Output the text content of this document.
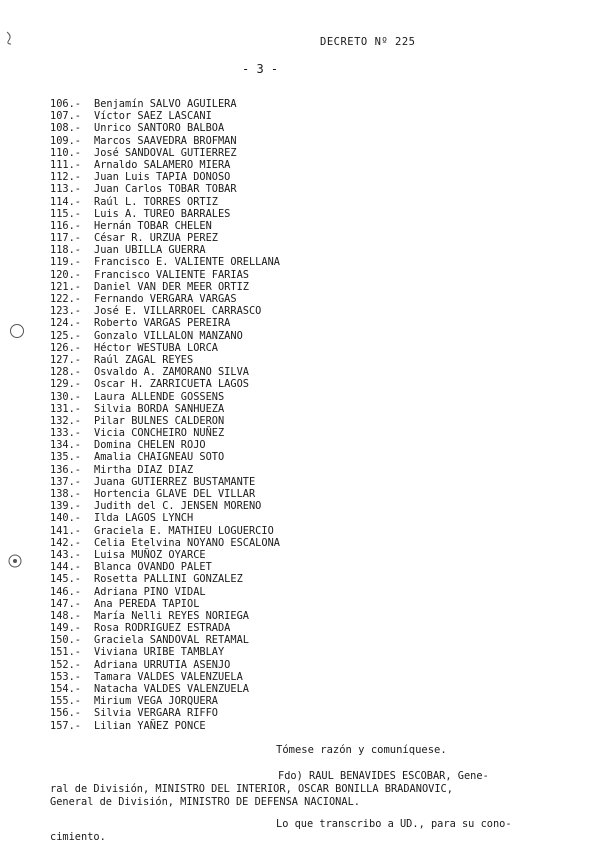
DECRETO Nº 225
- 3 -
106.- Benjamín SALVO AGUILERA
107.- Víctor SAEZ LASCANI
108.- Unrico SANTORO BALBOA
109.- Marcos SAAVEDRA BROFMAN
110.- José SANDOVAL GUTIERREZ
111.- Arnaldo SALAMERO MIERA
112.- Juan Luis TAPIA DONOSO
113.- Juan Carlos TOBAR TOBAR
114.- Raúl L. TORRES ORTIZ
115.- Luis A. TUREO BARRALES
116.- Hernán TOBAR CHELEN
117.- César R. URZUA PEREZ
118.- Juan UBILLA GUERRA
119.- Francisco E. VALIENTE ORELLANA
120.- Francisco VALIENTE FARIAS
121.- Daniel VAN DER MEER ORTIZ
122.- Fernando VERGARA VARGAS
123.- José E. VILLARROEL CARRASCO
124.- Roberto VARGAS PEREIRA
125.- Gonzalo VILLALON MANZANO
126.- Héctor WESTUBA LORCA
127.- Raúl ZAGAL REYES
128.- Osvaldo A. ZAMORANO SILVA
129.- Oscar H. ZARRICUETA LAGOS
130.- Laura ALLENDE GOSSENS
131.- Silvia BORDA SANHUEZA
132.- Pilar BULNES CALDERON
133.- Vicia CONCHEIRO NUÑEZ
134.- Domina CHELEN ROJO
135.- Amalia CHAIGNEAU SOTO
136.- Mirtha DIAZ DIAZ
137.- Juana GUTIERREZ BUSTAMANTE
138.- Hortencia GLAVE DEL VILLAR
139.- Judith del C. JENSEN MORENO
140.- Ilda LAGOS LYNCH
141.- Graciela E. MATHIEU LOGUERCIO
142.- Celia Etelvina NOYANO ESCALONA
143.- Luisa MUÑOZ OYARCE
144.- Blanca OVANDO PALET
145.- Rosetta PALLINI GONZALEZ
146.- Adriana PINO VIDAL
147.- Ana PEREDA TAPIOL
148.- María Nelli REYES NORIEGA
149.- Rosa RODRIGUEZ ESTRADA
150.- Graciela SANDOVAL RETAMAL
151.- Viviana URIBE TAMBLAY
152.- Adriana URRUTIA ASENJO
153.- Tamara VALDES VALENZUELA
154.- Natacha VALDES VALENZUELA
155.- Mirium VEGA JORQUERA
156.- Silvia VERGARA RIFFO
157.- Lilian YAÑEZ PONCE
Tómese razón y comuníquese.
Fdo) RAUL BENAVIDES ESCOBAR, Gene-
ral de División, MINISTRO DEL INTERIOR, OSCAR BONILLA BRADANOVIC,
General de División, MINISTRO DE DEFENSA NACIONAL.
Lo que transcribo a UD., para su cono-
cimiento.
